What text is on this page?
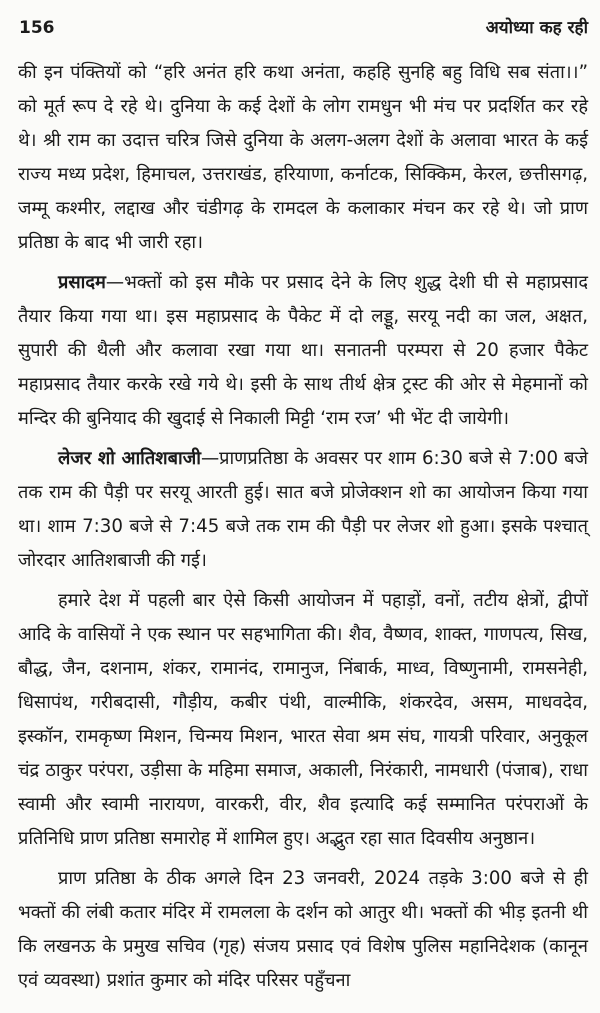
156	अयोध्या कह रही

की इन पंक्तियों को “हरि अनंत हरि कथा अनंता, कहहि सुनहि बहु विधि सब संता।।” को मूर्त रूप दे रहे थे। दुनिया के कई देशों के लोग रामधुन भी मंच पर प्रदर्शित कर रहे थे। श्री राम का उदात्त चरित्र जिसे दुनिया के अलग-अलग देशों के अलावा भारत के कई राज्य मध्य प्रदेश, हिमाचल, उत्तराखंड, हरियाणा, कर्नाटक, सिक्किम, केरल, छत्तीसगढ़, जम्मू कश्मीर, लद्दाख और चंडीगढ़ के रामदल के कलाकार मंचन कर रहे थे। जो प्राण प्रतिष्ठा के बाद भी जारी रहा।

प्रसादम—भक्तों को इस मौके पर प्रसाद देने के लिए शुद्ध देशी घी से महाप्रसाद तैयार किया गया था। इस महाप्रसाद के पैकेट में दो लड्डू, सरयू नदी का जल, अक्षत, सुपारी की थैली और कलावा रखा गया था। सनातनी परम्परा से 20 हजार पैकेट महाप्रसाद तैयार करके रखे गये थे। इसी के साथ तीर्थ क्षेत्र ट्रस्ट की ओर से मेहमानों को मन्दिर की बुनियाद की खुदाई से निकाली मिट्टी ‘राम रज’ भी भेंट दी जायेगी।

लेजर शो आतिशबाजी—प्राणप्रतिष्ठा के अवसर पर शाम 6:30 बजे से 7:00 बजे तक राम की पैड़ी पर सरयू आरती हुई। सात बजे प्रोजेक्शन शो का आयोजन किया गया था। शाम 7:30 बजे से 7:45 बजे तक राम की पैड़ी पर लेजर शो हुआ। इसके पश्चात् जोरदार आतिशबाजी की गई।

हमारे देश में पहली बार ऐसे किसी आयोजन में पहाड़ों, वनों, तटीय क्षेत्रों, द्वीपों आदि के वासियों ने एक स्थान पर सहभागिता की। शैव, वैष्णव, शाक्त, गाणपत्य, सिख, बौद्ध, जैन, दशनाम, शंकर, रामानंद, रामानुज, निंबार्क, माध्व, विष्णुनामी, रामसनेही, धिसापंथ, गरीबदासी, गौड़ीय, कबीर पंथी, वाल्मीकि, शंकरदेव, असम, माधवदेव, इस्कॉन, रामकृष्ण मिशन, चिन्मय मिशन, भारत सेवा श्रम संघ, गायत्री परिवार, अनुकूल चंद्र ठाकुर परंपरा, उड़ीसा के महिमा समाज, अकाली, निरंकारी, नामधारी (पंजाब), राधा स्वामी और स्वामी नारायण, वारकरी, वीर, शैव इत्यादि कई सम्मानित परंपराओं के प्रतिनिधि प्राण प्रतिष्ठा समारोह में शामिल हुए। अद्भुत रहा सात दिवसीय अनुष्ठान।

प्राण प्रतिष्ठा के ठीक अगले दिन 23 जनवरी, 2024 तड़के 3:00 बजे से ही भक्तों की लंबी कतार मंदिर में रामलला के दर्शन को आतुर थी। भक्तों की भीड़ इतनी थी कि लखनऊ के प्रमुख सचिव (गृह) संजय प्रसाद एवं विशेष पुलिस महानिदेशक (कानून एवं व्यवस्था) प्रशांत कुमार को मंदिर परिसर पहुँचना
